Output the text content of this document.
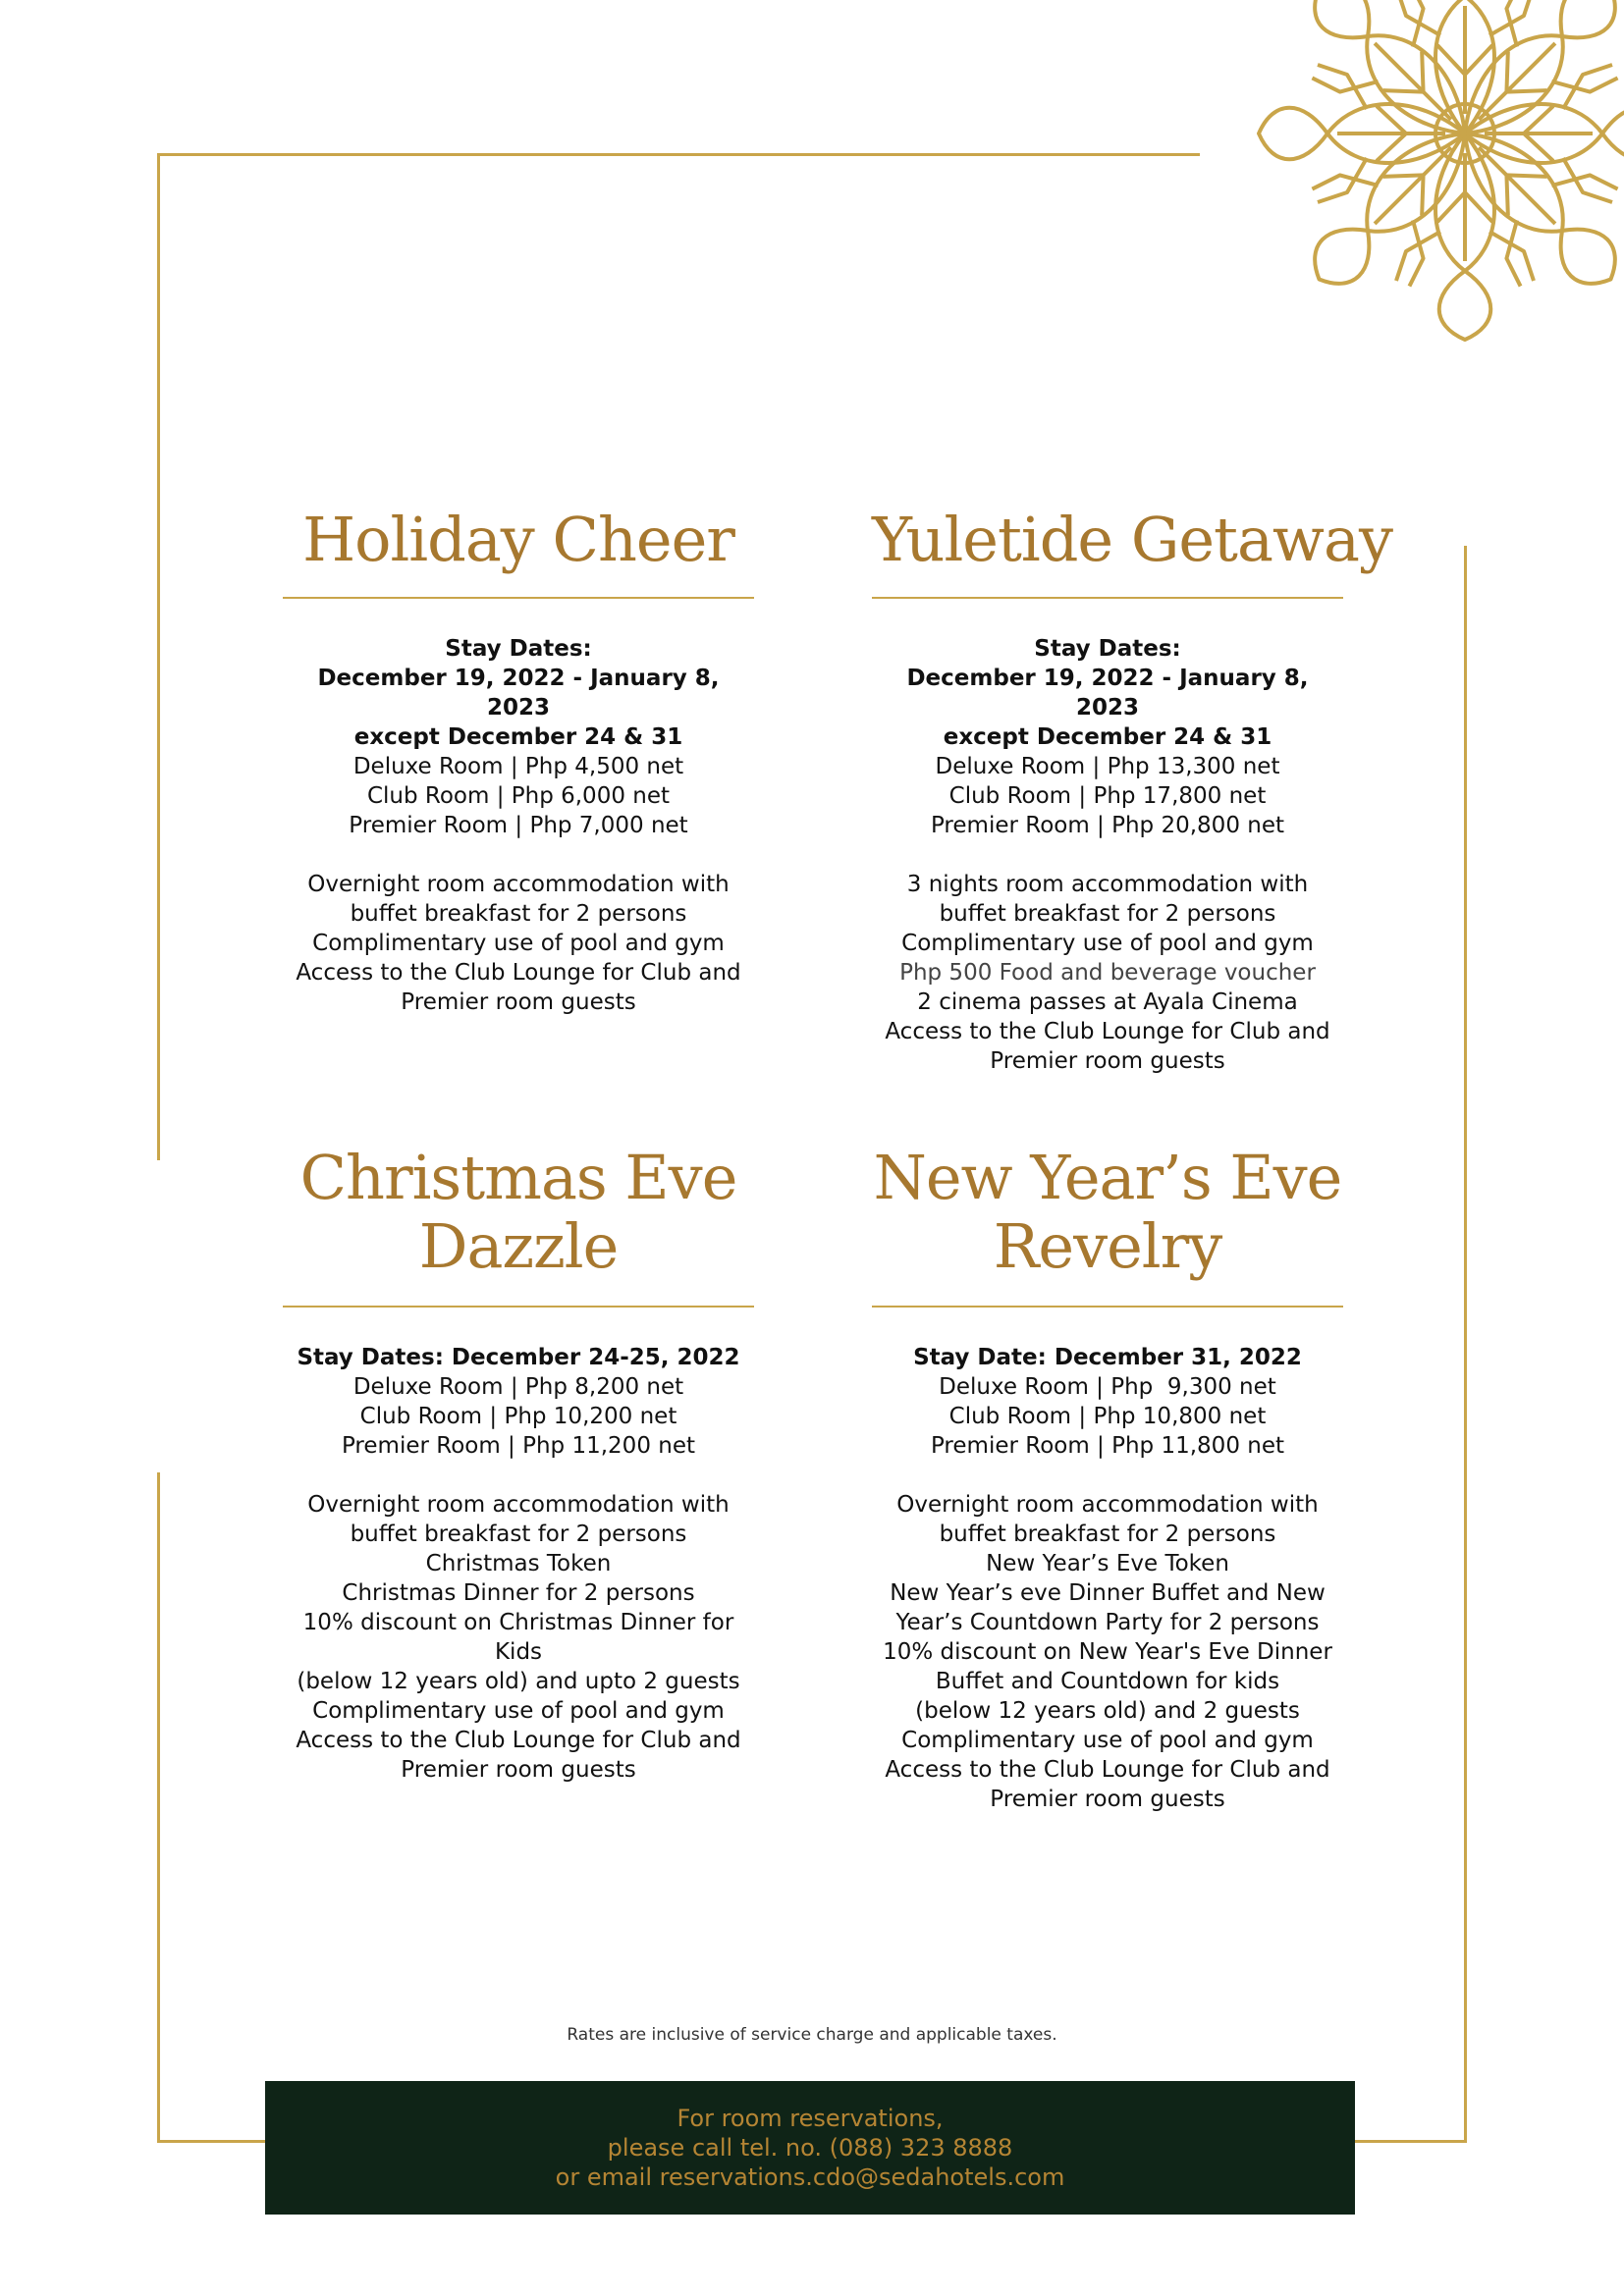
Holiday Cheer
Stay Dates:
December 19, 2022 - January 8, 2023
except December 24 & 31
Deluxe Room | Php 4,500 net
Club Room | Php 6,000 net
Premier Room | Php 7,000 net
Overnight room accommodation with
buffet breakfast for 2 persons
Complimentary use of pool and gym
Access to the Club Lounge for Club and
Premier room guests
Yuletide Getaway
Stay Dates:
December 19, 2022 - January 8, 2023
except December 24 & 31
Deluxe Room | Php 13,300 net
Club Room | Php 17,800 net
Premier Room | Php 20,800 net
3 nights room accommodation with
buffet breakfast for 2 persons
Complimentary use of pool and gym
Php 500 Food and beverage voucher
2 cinema passes at Ayala Cinema
Access to the Club Lounge for Club and
Premier room guests
Christmas Eve
Dazzle
Stay Dates: December 24-25, 2022
Deluxe Room | Php 8,200 net
Club Room | Php 10,200 net
Premier Room | Php 11,200 net
Overnight room accommodation with
buffet breakfast for 2 persons
Christmas Token
Christmas Dinner for 2 persons
10% discount on Christmas Dinner for Kids
(below 12 years old) and upto 2 guests
Complimentary use of pool and gym
Access to the Club Lounge for Club and
Premier room guests
New Year’s Eve
Revelry
Stay Date: December 31, 2022
Deluxe Room | Php  9,300 net
Club Room | Php 10,800 net
Premier Room | Php 11,800 net
Overnight room accommodation with
buffet breakfast for 2 persons
New Year’s Eve Token
New Year’s eve Dinner Buffet and New
Year’s Countdown Party for 2 persons
10% discount on New Year's Eve Dinner
Buffet and Countdown for kids
(below 12 years old) and 2 guests
Complimentary use of pool and gym
Access to the Club Lounge for Club and
Premier room guests
Rates are inclusive of service charge and applicable taxes.
For room reservations,
please call tel. no. (088) 323 8888
or email reservations.cdo@sedahotels.com
